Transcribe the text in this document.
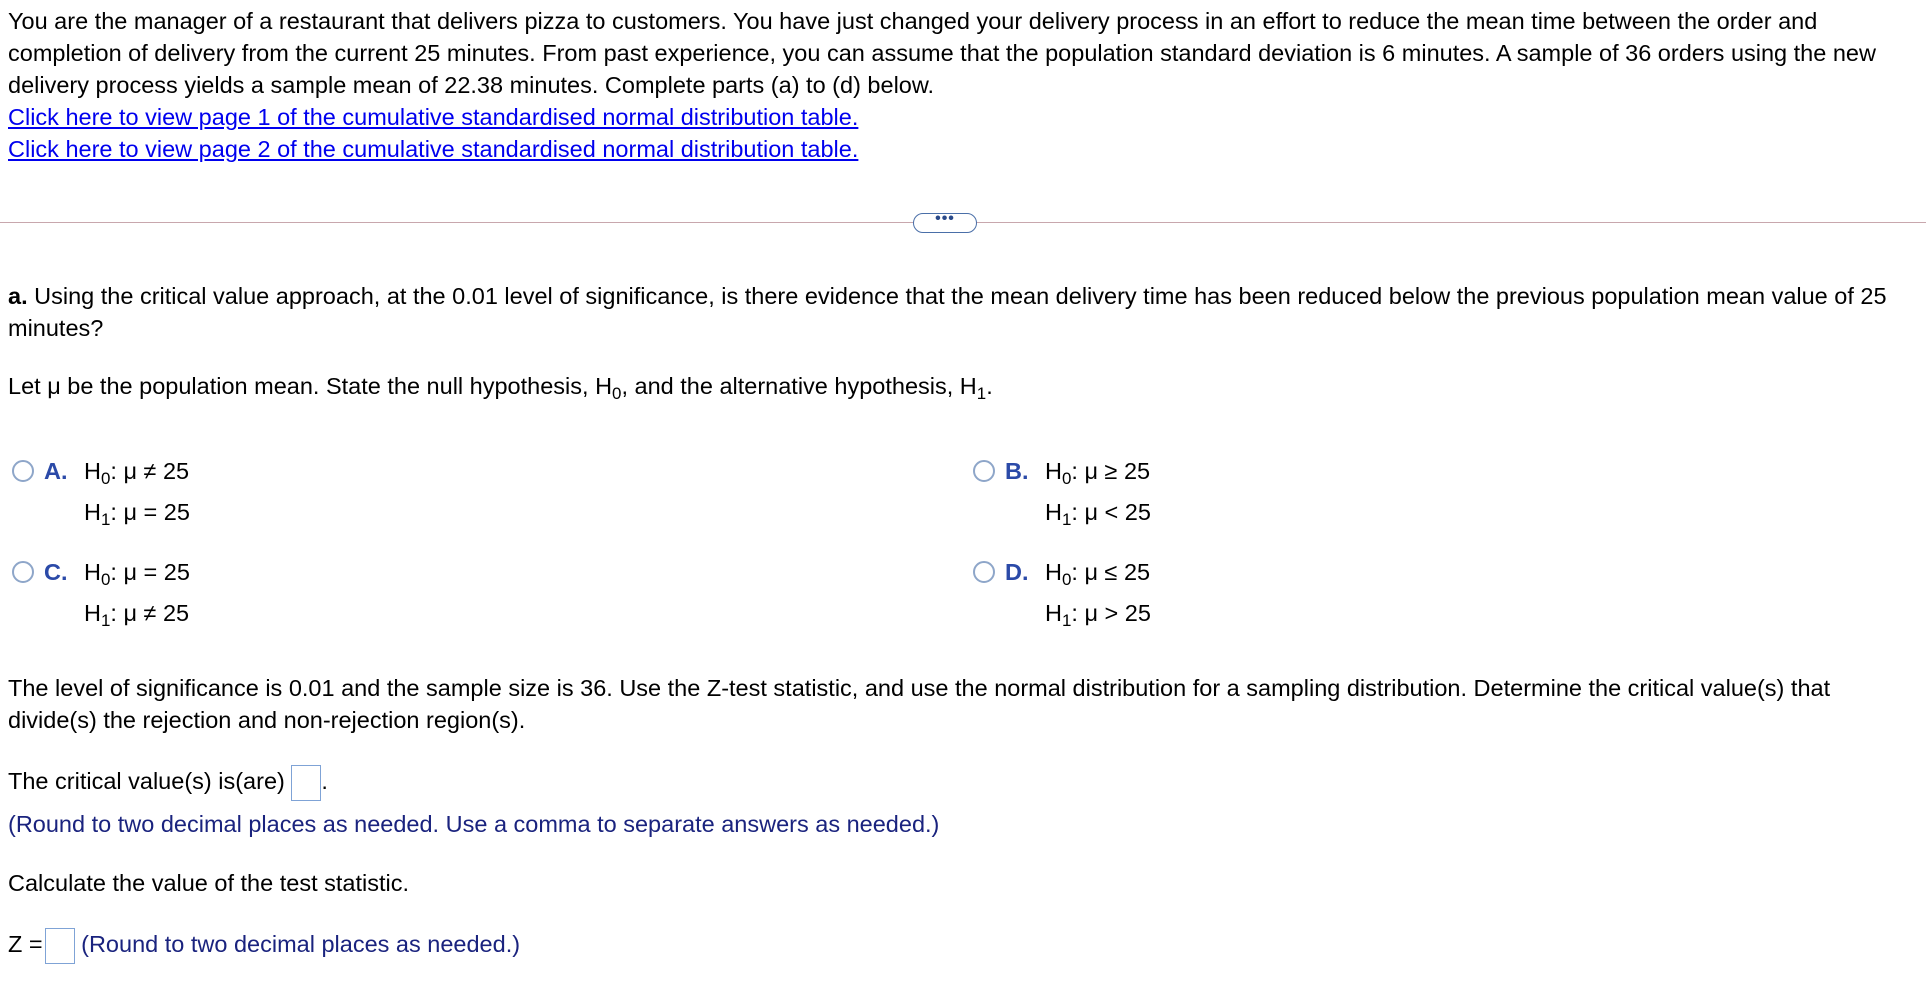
You are the manager of a restaurant that delivers pizza to customers. You have just changed your delivery process in an effort to reduce the mean time between the order and completion of delivery from the current 25 minutes. From past experience, you can assume that the population standard deviation is 6 minutes. A sample of 36 orders using the new delivery process yields a sample mean of 22.38 minutes. Complete parts (a) to (d) below.
Click here to view page 1 of the cumulative standardised normal distribution table.
Click here to view page 2 of the cumulative standardised normal distribution table.

•••

a. Using the critical value approach, at the 0.01 level of significance, is there evidence that the mean delivery time has been reduced below the previous population mean value of 25 minutes?

Let μ be the population mean. State the null hypothesis, $H_0$, and the alternative hypothesis, $H_1$.

A. $H_0$: μ ≠ 25
$H_1$: μ = 25
B. $H_0$: μ ≥ 25
$H_1$: μ < 25
C. $H_0$: μ = 25
$H_1$: μ ≠ 25
D. $H_0$: μ ≤ 25
$H_1$: μ > 25

The level of significance is 0.01 and the sample size is 36. Use the Z-test statistic, and use the normal distribution for a sampling distribution. Determine the critical value(s) that divide(s) the rejection and non-rejection region(s).

The critical value(s) is(are) .

(Round to two decimal places as needed. Use a comma to separate answers as needed.)

Calculate the value of the test statistic.

Z = (Round to two decimal places as needed.)
